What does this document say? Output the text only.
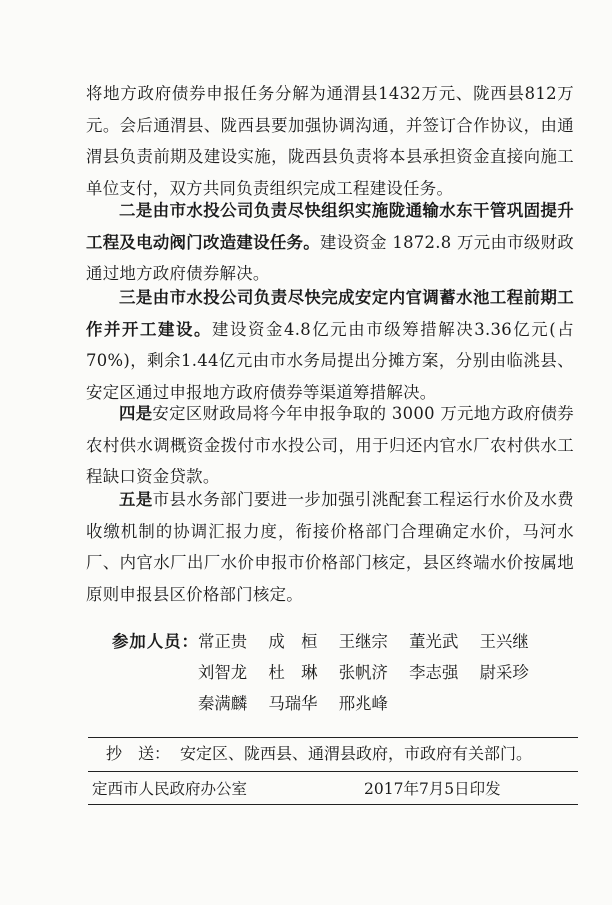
将地方政府债券申报任务分解为通渭县1432万元、陇西县812万元。会后通渭县、陇西县要加强协调沟通，并签订合作协议，由通渭县负责前期及建设实施，陇西县负责将本县承担资金直接向施工单位支付，双方共同负责组织完成工程建设任务。

二是由市水投公司负责尽快组织实施陇通输水东干管巩固提升工程及电动阀门改造建设任务。建设资金 1872.8 万元由市级财政通过地方政府债券解决。

三是由市水投公司负责尽快完成安定内官调蓄水池工程前期工作并开工建设。建设资金4.8亿元由市级筹措解决3.36亿元(占70%)，剩余1.44亿元由市水务局提出分摊方案，分别由临洮县、安定区通过申报地方政府债券等渠道筹措解决。

四是安定区财政局将今年申报争取的 3000 万元地方政府债券农村供水调概资金拨付市水投公司，用于归还内官水厂农村供水工程缺口资金贷款。

五是市县水务部门要进一步加强引洮配套工程运行水价及水费收缴机制的协调汇报力度，衔接价格部门合理确定水价，马河水厂、内官水厂出厂水价申报市价格部门核定，县区终端水价按属地原则申报县区价格部门核定。

参加人员： 常正贵 成　桓 王继宗 董光武 王兴继
刘智龙 杜　琳 张帆济 李志强 尉采珍
秦满麟 马瑞华 邢兆峰
抄　送： 安定区、陇西县、通渭县政府，市政府有关部门。
定西市人民政府办公室	2017年7月5日印发
